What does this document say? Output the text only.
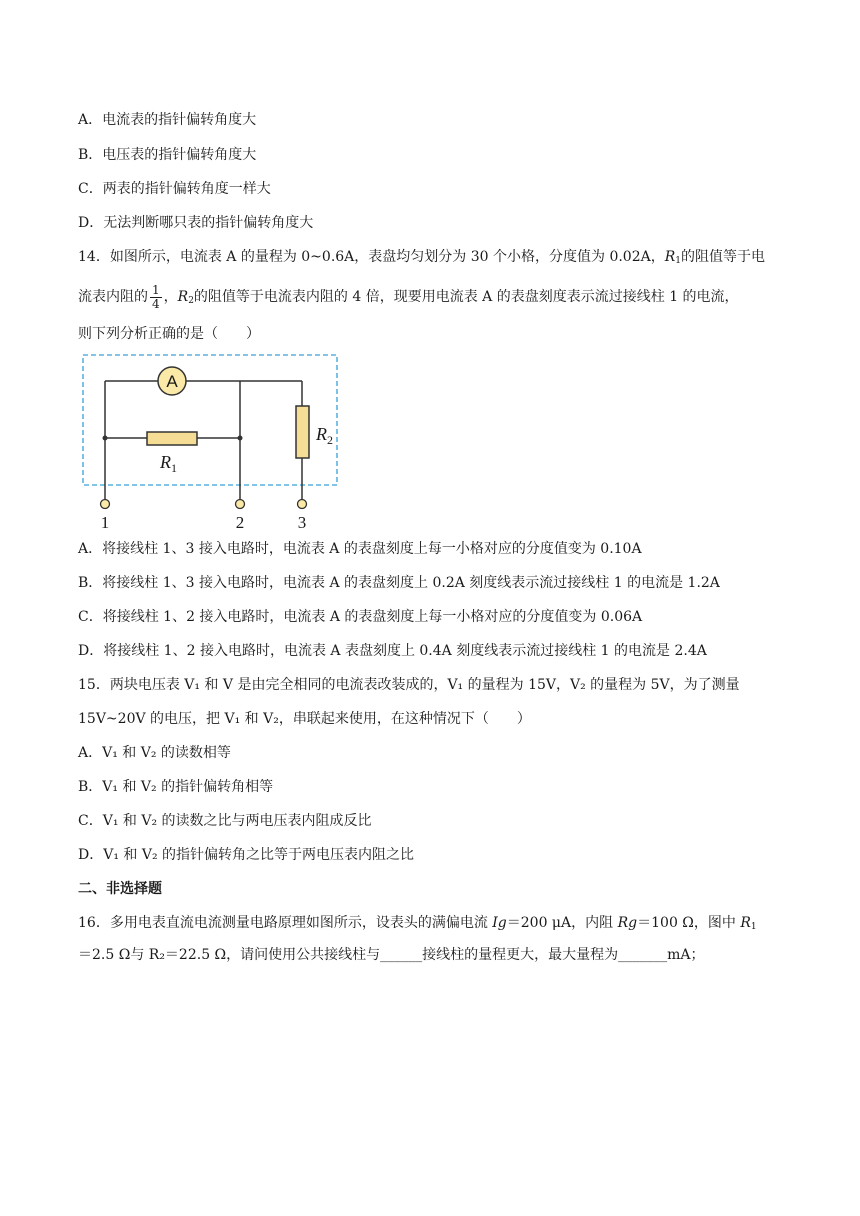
A．电流表的指针偏转角度大
B．电压表的指针偏转角度大
C．两表的指针偏转角度一样大
D．无法判断哪只表的指针偏转角度大
14．如图所示，电流表 A 的量程为 0~0.6A，表盘均匀划分为 30 个小格，分度值为 0.02A，$R_1$的阻值等于电
流表内阻的 $\frac{1}{4}$ ，$R_2$的阻值等于电流表内阻的 4 倍，现要用电流表 A 的表盘刻度表示流过接线柱 1 的电流，
则下列分析正确的是（　　）
A
$R_1$
$R_2$
1	2	3
A．将接线柱 1、3 接入电路时，电流表 A 的表盘刻度上每一小格对应的分度值变为 0.10A
B．将接线柱 1、3 接入电路时，电流表 A 的表盘刻度上 0.2A 刻度线表示流过接线柱 1 的电流是 1.2A
C．将接线柱 1、2 接入电路时，电流表 A 的表盘刻度上每一小格对应的分度值变为 0.06A
D．将接线柱 1、2 接入电路时，电流表 A 表盘刻度上 0.4A 刻度线表示流过接线柱 1 的电流是 2.4A
15．两块电压表 V₁ 和 V 是由完全相同的电流表改装成的，V₁ 的量程为 15V，V₂ 的量程为 5V，为了测量
15V~20V 的电压，把 V₁ 和 V₂，串联起来使用，在这种情况下（　　）
A．V₁ 和 V₂ 的读数相等
B．V₁ 和 V₂ 的指针偏转角相等
C．V₁ 和 V₂ 的读数之比与两电压表内阻成反比
D．V₁ 和 V₂ 的指针偏转角之比等于两电压表内阻之比
二、非选择题
16．多用电表直流电流测量电路原理如图所示，设表头的满偏电流 Ig＝200 μA，内阻 Rg＝100 Ω，图中 $R_1$
＝2.5 Ω与 R₂＝22.5 Ω，请问使用公共接线柱与______接线柱的量程更大，最大量程为_______mA；
